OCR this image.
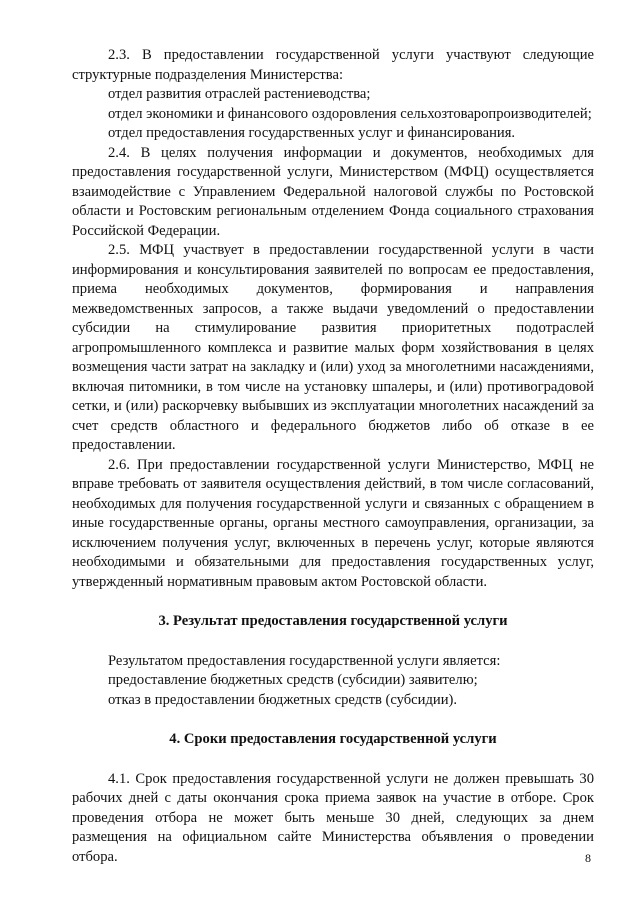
2.3. В предоставлении государственной услуги участвуют следующие структурные подразделения Министерства:

отдел развития отраслей растениеводства;

отдел экономики и финансового оздоровления сельхозтоваропроизводителей;

отдел предоставления государственных услуг и финансирования.

2.4. В целях получения информации и документов, необходимых для предоставления государственной услуги, Министерством (МФЦ) осуществляется взаимодействие с Управлением Федеральной налоговой службы по Ростовской области и Ростовским региональным отделением Фонда социального страхования Российской Федерации.

2.5. МФЦ участвует в предоставлении государственной услуги в части информирования и консультирования заявителей по вопросам ее предоставления, приема необходимых документов, формирования и направления межведомственных запросов, а также выдачи уведомлений о предоставлении субсидии на стимулирование развития приоритетных подотраслей агропромышленного комплекса и развитие малых форм хозяйствования в целях возмещения части затрат на закладку и (или) уход за многолетними насаждениями, включая питомники, в том числе на установку шпалеры, и (или) противоградовой сетки, и (или) раскорчевку выбывших из эксплуатации многолетних насаждений за счет средств областного и федерального бюджетов либо об отказе в ее предоставлении.

2.6. При предоставлении государственной услуги Министерство, МФЦ не вправе требовать от заявителя осуществления действий, в том числе согласований, необходимых для получения государственной услуги и связанных с обращением в иные государственные органы, органы местного самоуправления, организации, за исключением получения услуг, включенных в перечень услуг, которые являются необходимыми и обязательными для предоставления государственных услуг, утвержденный нормативным правовым актом Ростовской области.

3. Результат предоставления государственной услуги

Результатом предоставления государственной услуги является:

предоставление бюджетных средств (субсидии) заявителю;

отказ в предоставлении бюджетных средств (субсидии).

4. Сроки предоставления государственной услуги

4.1. Срок предоставления государственной услуги не должен превышать 30 рабочих дней с даты окончания срока приема заявок на участие в отборе. Срок проведения отбора не может быть меньше 30 дней, следующих за днем размещения на официальном сайте Министерства объявления о проведении отбора.	8
